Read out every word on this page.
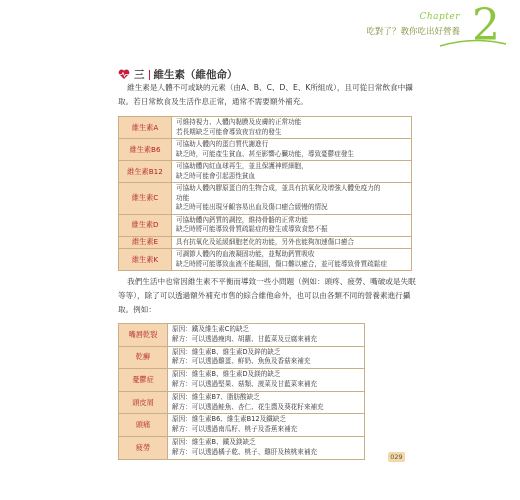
Chapter
吃對了？教你吃出好營養 2
三 維生素（維他命）
維生素是人體不可或缺的元素（由A、B、C、D、E、K所組成），且可從日常飲食中攝取。若日常飲食及生活作息正常，通常不需要額外補充。
維生素A	可維持視力、人體內黏膜及皮膚的正常功能
若長期缺乏可能會導致夜盲症的發生

維生素B6	可協助人體內的蛋白質代謝進行
缺乏時，可能產生貧血、甚至影響心臟功能，導致憂鬱症發生

維生素B12	可協助體內紅血球再生，並且保護神經細胞，
缺乏時可能會引起惡性貧血

維生素C	可協助人體內膠原蛋白的生物合成，並具有抗氧化及增強人體免疫力的
功能
缺乏時可能出現牙齦容易出血及傷口癒合緩慢的情況

維生素D	可協助體內鈣質的調控，維持骨骼的正常功能
缺乏時將可能導致骨質疏鬆症的發生或導致食慾不振

維生素E	具有抗氧化及延緩細胞老化的功能，另外也能夠加速傷口癒合

維生素K	可調節人體內的血液凝固功能，並幫助鈣質吸收
缺乏時將可能導致血液不能凝固，傷口難以癒合，並可能導致骨質疏鬆症
我們生活中也常因維生素不平衡而導致一些小問題（例如：頭疼、疲勞、嘴破或是失眠等等），除了可以透過額外補充市售的綜合維他命外，也可以由各類不同的營養素進行攝取。例如：
嘴唇乾裂	原因：鐵及維生素C的缺乏
解方：可以透過瘦肉、胡蘿、甘藍菜及豆腐來補充

乾癬	原因：維生素B、維生素D及鋅的缺乏
解方：可以透過雞蛋、鮮奶、魚魚及香菇來補充

憂鬱症	原因：維生素B、維生素D及鎂的缺乏
解方：可以透過堅果、菇類、菠菜及甘藍菜來補充

頭皮屑	原因：維生素B7、脂肪酸缺乏
解方：可以透過鮭魚、杏仁、花生醬及葵花籽來補充

頭痛	原因：維生素B6、維生素B12及鐵缺乏
解方：可以透過南瓜籽、桃子及香蕉來補充

疲勞	原因：維生素B、鐵及鎂缺乏
解方：可以透過橘子乾、桃子、雞肝及核桃來補充
029
